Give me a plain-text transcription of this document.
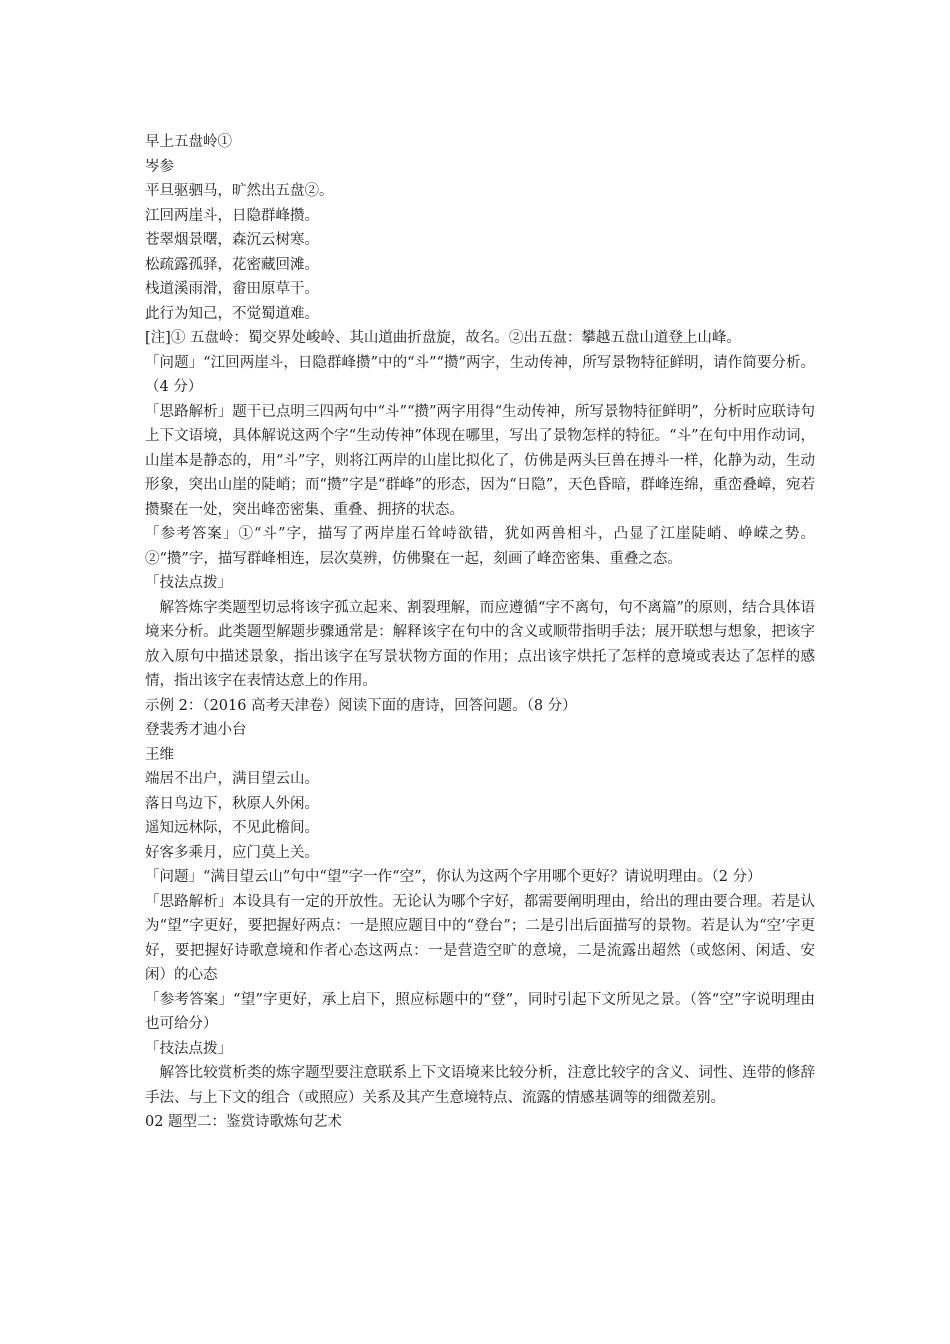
早上五盘岭①
岑参
平旦驱驷马，旷然出五盘②。
江回两崖斗，日隐群峰攒。
苍翠烟景曙，森沉云树寒。
松疏露孤驿，花密藏回滩。
栈道溪雨滑，畲田原草干。
此行为知己，不觉蜀道难。
[注]① 五盘岭：蜀交界处峻岭、其山道曲折盘旋，故名。②出五盘：攀越五盘山道登上山峰。
「问题」“江回两崖斗，日隐群峰攒”中的“斗”“攒”两字，生动传神，所写景物特征鲜明，请作简要分析。（4 分）
「思路解析」题干已点明三四两句中“斗”“攒”两字用得“生动传神，所写景物特征鲜明”，分析时应联诗句上下文语境，具体解说这两个字“生动传神”体现在哪里，写出了景物怎样的特征。“斗”在句中用作动词，山崖本是静态的，用“斗”字，则将江两岸的山崖比拟化了，仿佛是两头巨兽在搏斗一样，化静为动，生动形象，突出山崖的陡峭；而“攒”字是“群峰”的形态，因为“日隐”，天色昏暗，群峰连绵，重峦叠嶂，宛若攒聚在一处，突出峰峦密集、重叠、拥挤的状态。
「参考答案」①“斗”字，描写了两岸崖石耸峙欲错，犹如两兽相斗，凸显了江崖陡峭、峥嵘之势。②“攒”字，描写群峰相连，层次莫辨，仿佛聚在一起，刻画了峰峦密集、重叠之态。
「技法点拨」
解答炼字类题型切忌将该字孤立起来、割裂理解，而应遵循“字不离句，句不离篇”的原则，结合具体语境来分析。此类题型解题步骤通常是：解释该字在句中的含义或顺带指明手法；展开联想与想象，把该字放入原句中描述景象，指出该字在写景状物方面的作用；点出该字烘托了怎样的意境或表达了怎样的感情，指出该字在表情达意上的作用。
示例 2：（2016 高考天津卷）阅读下面的唐诗，回答问题。（8 分）
登裴秀才迪小台
王维
端居不出户，满目望云山。
落日鸟边下，秋原人外闲。
遥知远林际，不见此檐间。
好客多乘月，应门莫上关。
「问题」“满目望云山”句中“望”字一作“空”，你认为这两个字用哪个更好？请说明理由。（2 分）
「思路解析」本设具有一定的开放性。无论认为哪个字好，都需要阐明理由，给出的理由要合理。若是认为“望”字更好，要把握好两点：一是照应题目中的“登台”；二是引出后面描写的景物。若是认为“空’字更好，要把握好诗歌意境和作者心态这两点：一是营造空旷的意境，二是流露出超然（或悠闲、闲适、安闲）的心态
「参考答案」“望”字更好，承上启下，照应标题中的“登”，同时引起下文所见之景。（答“空”字说明理由也可给分）
「技法点拨」
解答比较赏析类的炼字题型要注意联系上下文语境来比较分析，注意比较字的含义、词性、连带的修辞手法、与上下文的组合（或照应）关系及其产生意境特点、流露的情感基调等的细微差别。
02 题型二：鉴赏诗歌炼句艺术
